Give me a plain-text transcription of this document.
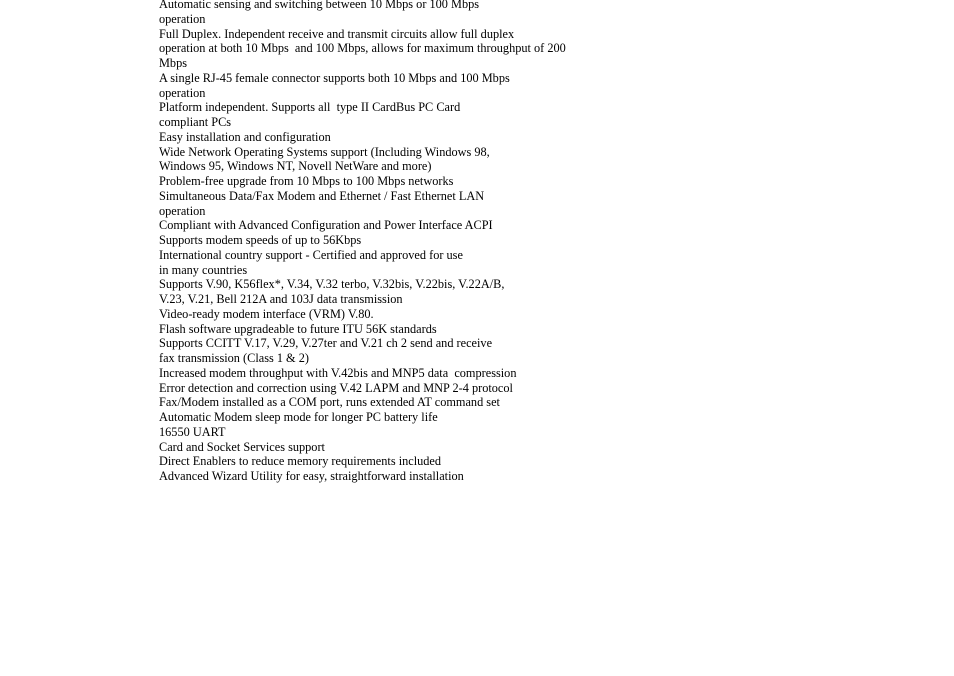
Automatic sensing and switching between 10 Mbps or 100 Mbps
operation
Full Duplex. Independent receive and transmit circuits allow full duplex
operation at both 10 Mbps  and 100 Mbps, allows for maximum throughput of 200
Mbps
A single RJ-45 female connector supports both 10 Mbps and 100 Mbps
operation
Platform independent. Supports all  type II CardBus PC Card
compliant PCs
Easy installation and configuration
Wide Network Operating Systems support (Including Windows 98,
Windows 95, Windows NT, Novell NetWare and more)
Problem-free upgrade from 10 Mbps to 100 Mbps networks
Simultaneous Data/Fax Modem and Ethernet / Fast Ethernet LAN
operation
Compliant with Advanced Configuration and Power Interface ACPI
Supports modem speeds of up to 56Kbps
International country support - Certified and approved for use
in many countries
Supports V.90, K56flex*, V.34, V.32 terbo, V.32bis, V.22bis, V.22A/B,
V.23, V.21, Bell 212A and 103J data transmission
Video-ready modem interface (VRM) V.80.
Flash software upgradeable to future ITU 56K standards
Supports CCITT V.17, V.29, V.27ter and V.21 ch 2 send and receive
fax transmission (Class 1 & 2)
Increased modem throughput with V.42bis and MNP5 data  compression
Error detection and correction using V.42 LAPM and MNP 2-4 protocol
Fax/Modem installed as a COM port, runs extended AT command set
Automatic Modem sleep mode for longer PC battery life
16550 UART
Card and Socket Services support
Direct Enablers to reduce memory requirements included
Advanced Wizard Utility for easy, straightforward installation
